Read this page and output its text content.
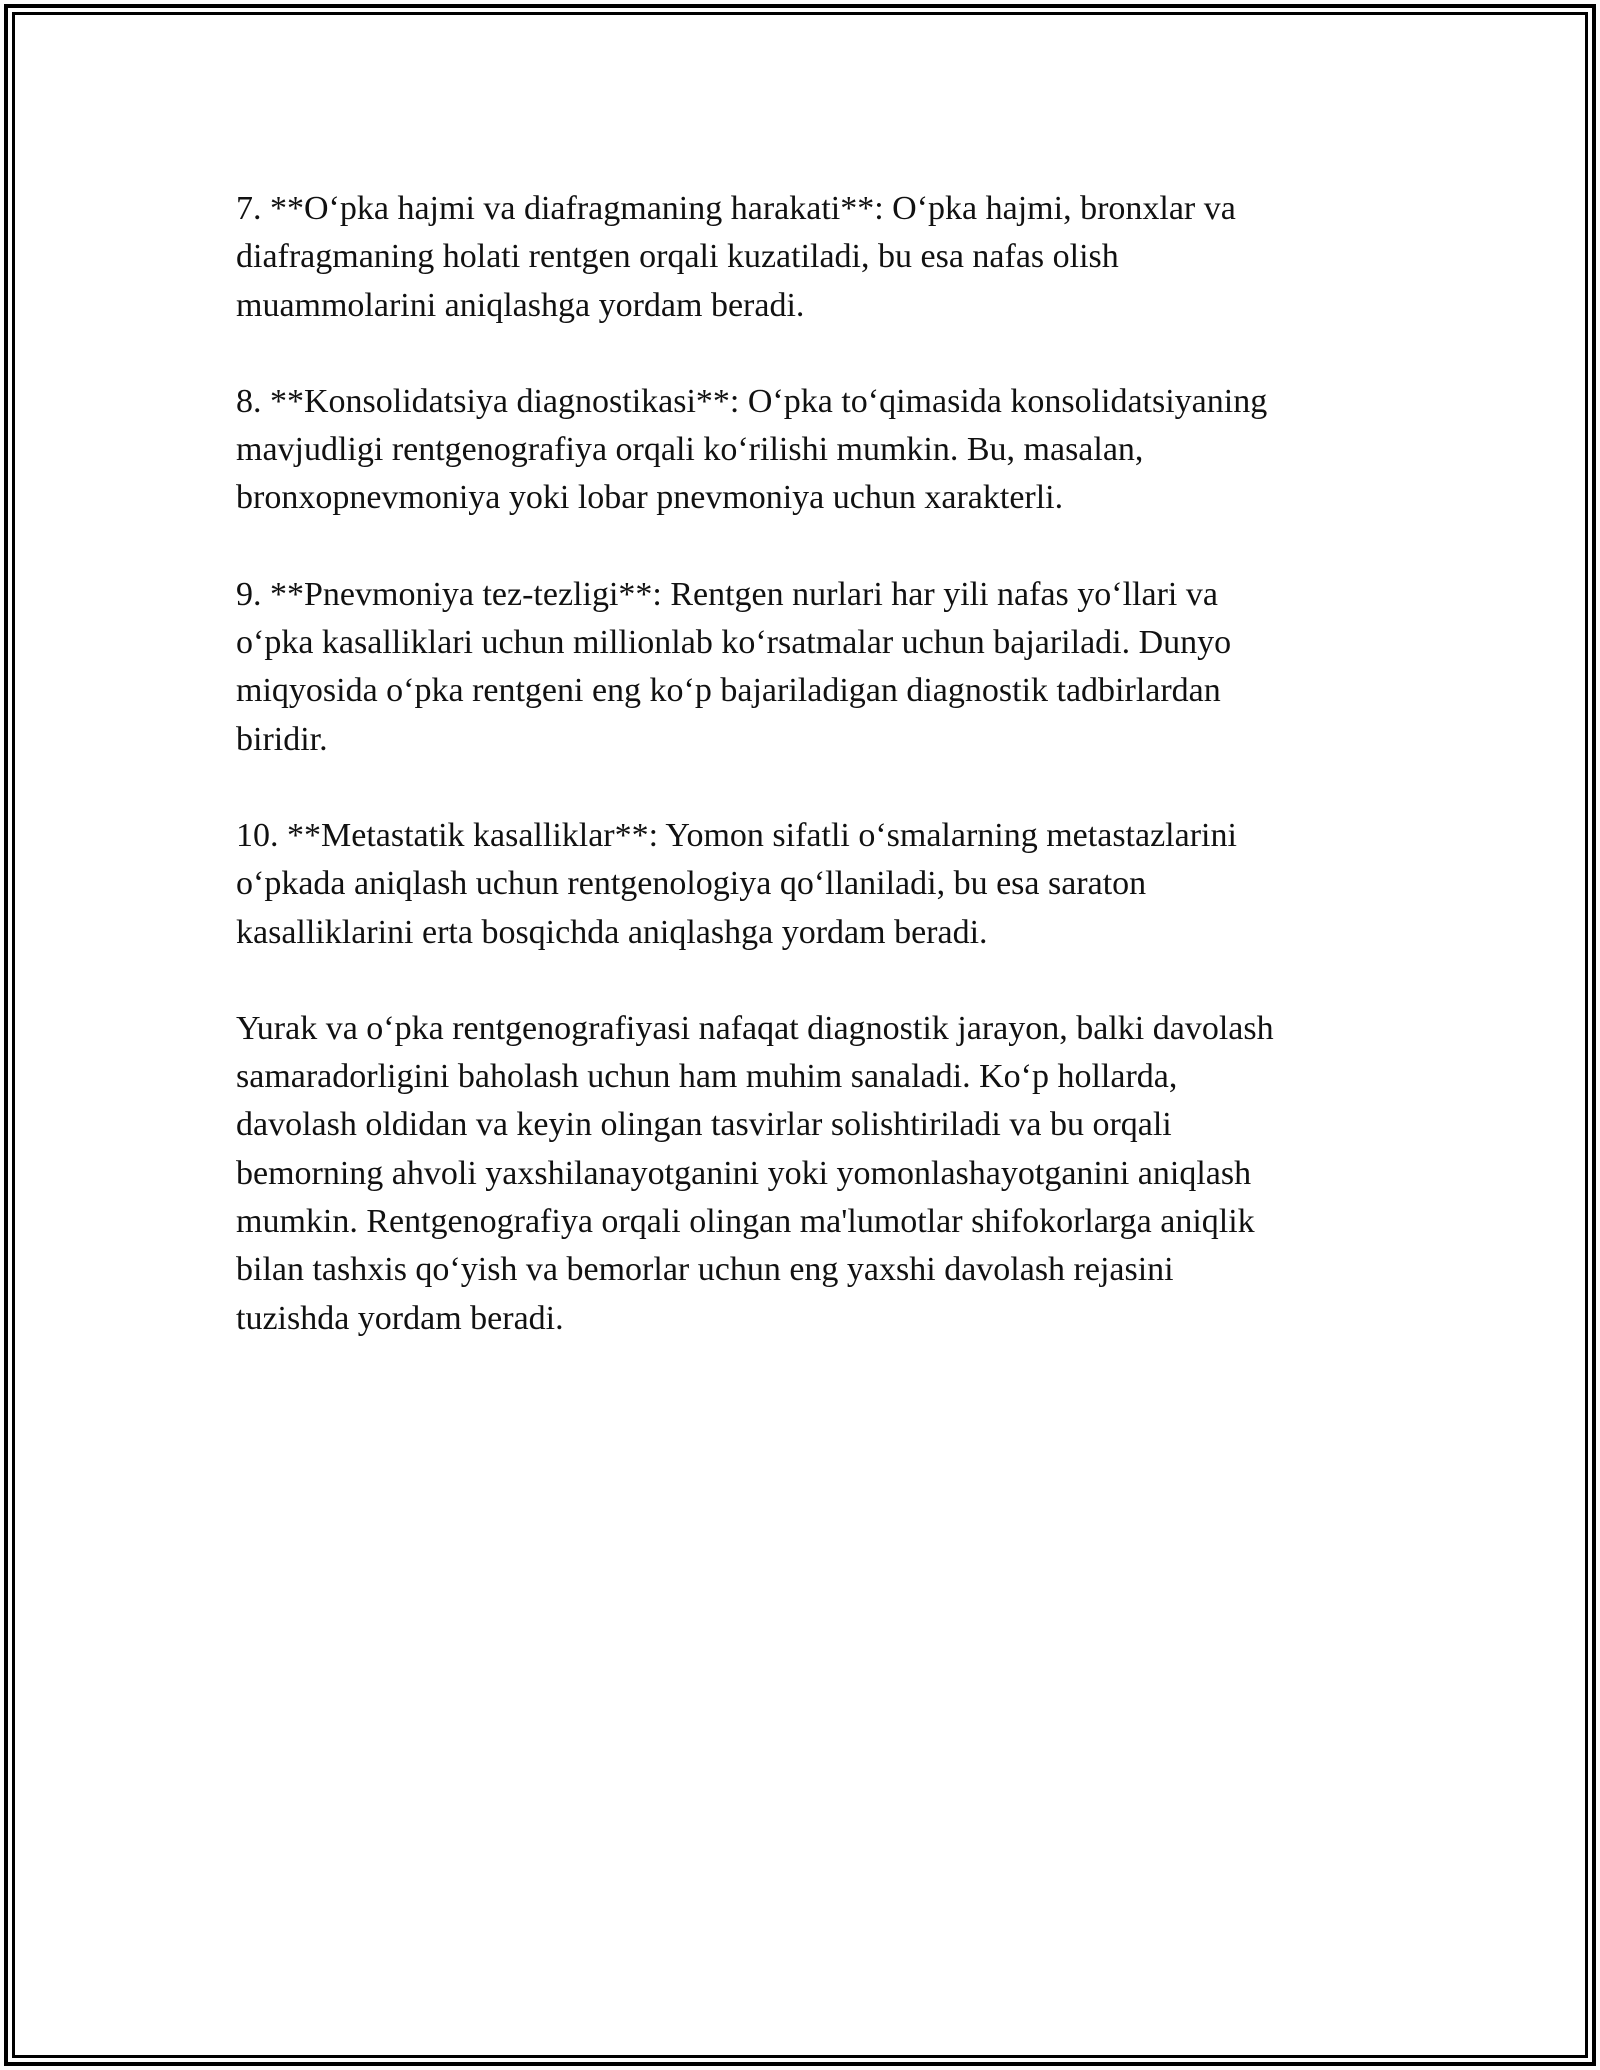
7. **O‘pka hajmi va diafragmaning harakati**: O‘pka hajmi, bronxlar va
diafragmaning holati rentgen orqali kuzatiladi, bu esa nafas olish
muammolarini aniqlashga yordam beradi.

8. **Konsolidatsiya diagnostikasi**: O‘pka to‘qimasida konsolidatsiyaning
mavjudligi rentgenografiya orqali ko‘rilishi mumkin. Bu, masalan,
bronxopnevmoniya yoki lobar pnevmoniya uchun xarakterli.

9. **Pnevmoniya tez-tezligi**: Rentgen nurlari har yili nafas yo‘llari va
o‘pka kasalliklari uchun millionlab ko‘rsatmalar uchun bajariladi. Dunyo
miqyosida o‘pka rentgeni eng ko‘p bajariladigan diagnostik tadbirlardan
biridir.

10. **Metastatik kasalliklar**: Yomon sifatli o‘smalarning metastazlarini
o‘pkada aniqlash uchun rentgenologiya qo‘llaniladi, bu esa saraton
kasalliklarini erta bosqichda aniqlashga yordam beradi.

Yurak va o‘pka rentgenografiyasi nafaqat diagnostik jarayon, balki davolash
samaradorligini baholash uchun ham muhim sanaladi. Ko‘p hollarda,
davolash oldidan va keyin olingan tasvirlar solishtiriladi va bu orqali
bemorning ahvoli yaxshilanayotganini yoki yomonlashayotganini aniqlash
mumkin. Rentgenografiya orqali olingan ma'lumotlar shifokorlarga aniqlik
bilan tashxis qo‘yish va bemorlar uchun eng yaxshi davolash rejasini
tuzishda yordam beradi.
